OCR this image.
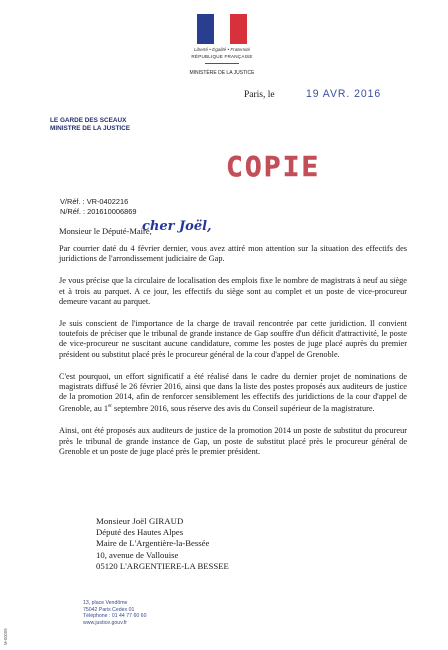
Liberté • Égalité • Fraternité
RÉPUBLIQUE FRANÇAISE
MINISTÈRE DE LA JUSTICE
Paris, le	19 AVR. 2016
LE GARDE DES SCEAUX
MINISTRE DE LA JUSTICE
COPIE
V/Réf. : VR-0402216
N/Réf. : 201610006869
Monsieur le Député-Maire,
cher Joël,

Par courrier daté du 4 février dernier, vous avez attiré mon attention sur la situation des effectifs des juridictions de l'arrondissement judiciaire de Gap.

Je vous précise que la circulaire de localisation des emplois fixe le nombre de magistrats à neuf au siège et à trois au parquet. A ce jour, les effectifs du siège sont au complet et un poste de vice-procureur demeure vacant au parquet.

Je suis conscient de l'importance de la charge de travail rencontrée par cette juridiction. Il convient toutefois de préciser que le tribunal de grande instance de Gap souffre d'un déficit d'attractivité, le poste de vice-procureur ne suscitant aucune candidature, comme les postes de juge placé auprès du premier président ou substitut placé près le procureur général de la cour d'appel de Grenoble.

C'est pourquoi, un effort significatif a été réalisé dans le cadre du dernier projet de nominations de magistrats diffusé le 26 février 2016, ainsi que dans la liste des postes proposés aux auditeurs de justice de la promotion 2014, afin de renforcer sensiblement les effectifs des juridictions de la cour d'appel de Grenoble, au 1er septembre 2016, sous réserve des avis du Conseil supérieur de la magistrature.

Ainsi, ont été proposés aux auditeurs de justice de la promotion 2014 un poste de substitut du procureur près le tribunal de grande instance de Gap, un poste de substitut placé près le procureur général de Grenoble et un poste de juge placé près le premier président.

Monsieur Joël GIRAUD
Député des Hautes Alpes
Maire de L'Argentière-la-Bessée
10, avenue de Vallouise
05120 L'ARGENTIERE-LA BESSEE
13, place Vendôme
75042 Paris Cedex 01
Téléphone : 01 44 77 60 60
www.justice.gouv.fr
M-00009
